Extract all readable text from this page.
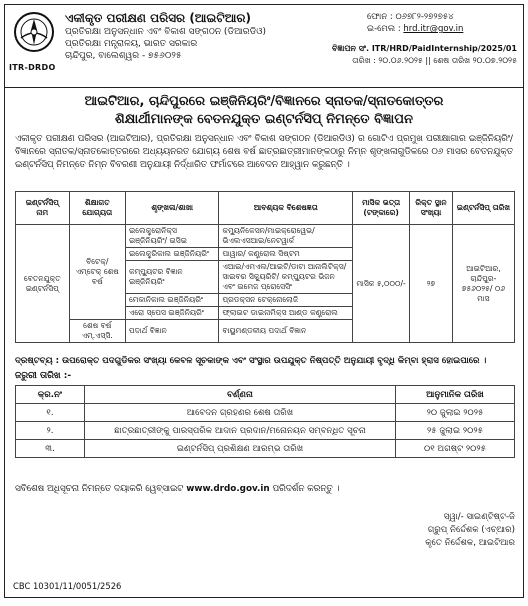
ITR-DRDO
ଏକୀକୃତ ପରୀକ୍ଷଣ ପରିସର (ଆଇଟିଆର)
ପ୍ରତିରକ୍ଷା ଅନୁସନ୍ଧାନ ଏବଂ ବିକାଶ ସଙ୍ଗଠନ (ଡିଆରଡିଓ)
ପ୍ରତିରକ୍ଷା ମନ୍ତ୍ରାଳୟ, ଭାରତ ସରକାର
ଚାନ୍ଦିପୁର, ବାଲେଶ୍ୱର - ୭୫୬୦୨୫
ଫୋନ : ୦୬୭୮୨-୨୭୨୭୫୪
ଇ-ମେଲ : hrd.itr@gov.in
ବିଜ୍ଞାପନ ସଂ. ITR/HRD/PaidInternship/2025/01
ତାରିଖ : ୨୦.୦୬.୨୦୨୫ || ଶେଷ ତାରିଖ ୨୦.୦୭.୨୦୨୫
ଆଇଟିଆର, ଚାନ୍ଦିପୁରରେ ଇଞ୍ଜିନିୟରିଂ/ବିଜ୍ଞାନରେ ସ୍ନାତକ/ସ୍ନାତକୋତ୍ତର
ଶିକ୍ଷାର୍ଥୀମାନଙ୍କ ବେତନଯୁକ୍ତ ଇଣ୍ଟର୍ନସିପ୍ ନିମନ୍ତେ ବିଜ୍ଞାପନ
ଏକୀକୃତ ପରୀକ୍ଷଣ ପରିସର (ଆଇଟିଆର), ପ୍ରତିରକ୍ଷା ଅନୁସନ୍ଧାନ ଏବଂ ବିକାଶ ସଙ୍ଗଠନ (ଡିଆରଡିଓ) ର ଗୋଟିଏ ପ୍ରମୁଖ ପରୀକ୍ଷାଗାର ଇଞ୍ଜିନିୟରିଂ/ବିଜ୍ଞାନରେ ସ୍ନାତକ/ସ୍ନାତକୋତ୍ତରରେ ଅଧ୍ୟୟନରତ ଯୋଗ୍ୟ ଶେଷ ବର୍ଷ ଛାତ୍ରଛାତ୍ରୀମାନଙ୍କଠାରୁ ନିମ୍ନ ଶୃଙ୍ଖଳାଗୁଡିକରେ ୦୬ ମାସର ବେତନଯୁକ୍ତ ଇଣ୍ଟର୍ନସିପ୍ ନିମନ୍ତେ ନିମ୍ନ ବିବରଣୀ ଅନୁଯାୟୀ ନିର୍ଦ୍ଧାରିତ ଫର୍ମାଟରେ ଆବେଦନ ଆହ୍ୱାନ କରୁଛନ୍ତି ।
ଇଣ୍ଟର୍ନସିପ୍ ନାମ	ଶିକ୍ଷାଗତ ଯୋଗ୍ୟତା	ଶୃଙ୍ଖଳା/ଶାଖା	ଆବଶ୍ୟକ ବିଶେଷଜ୍ଞତା	ମାସିକ ଭତ୍ତା (ଟଙ୍କାରେ)	ରିକ୍ତ ସ୍ଥାନ ସଂଖ୍ୟା	ଇଣ୍ଟର୍ନସିପ୍ ତାରିଖ
ବେତନଯୁକ୍ତ ଇଣ୍ଟର୍ନସିପ୍	ବିଟେକ୍/ ଏମ୍‌ଟେକ୍ ଶେଷ ବର୍ଷ	ଇଲେକ୍ଟ୍ରୋନିକ୍ସ ଇଞ୍ଜିନିୟରିଂ/ ଇସିଇ	କମ୍ୟୁନିକେସନ/ମାଇକ୍ରୋୱେଭ/ ଭିଏଲଏସଆଇ/ନେଟୱାର୍କ	ମାସିକ ୫,୦୦୦/-	୨୭	ଆଇଟିଆର, ଚାନ୍ଦିପୁର- ୭୫୬୦୨୫/ ୦୬ ମାସ
		ଇଲେକ୍ଟ୍ରିକାଲ ଇଞ୍ଜିନିୟରିଂ	ପାୱାର/ କଣ୍ଟ୍ରୋଲ ସିଷ୍ଟମ			
		କମ୍ପ୍ୟୁଟର ବିଜ୍ଞାନ ଇଞ୍ଜିନିୟରିଂ	ଏଆଇ/ଏମଏଲ/ଆଇଟି/ଡାଟା ଆନାଲିଟିକ୍ସ/ ସାଇବର ସିକ୍ୟୁରିଟି/ କମ୍ପ୍ୟୁଟର ଭିଜନ ଏବଂ ଇମେଜ ପ୍ରୋସେସିଂ			
		ମେକାନିକାଲ ଇଞ୍ଜିନିୟରିଂ	ପ୍ରଡକ୍ସନ ଟେକ୍ନୋଲୋଜି			
		ଏରୋ ସ୍ପେସ ଇଞ୍ଜିନିୟରିଂ	ଫ୍ଲାଇଟ ଡାଇନାମିକ୍ସ ଆଣ୍ଡ କଣ୍ଟ୍ରୋଲ			
	ଶେଷ ବର୍ଷ ଏମ୍.ଏସ୍‌ସି.	ପଦାର୍ଥ ବିଜ୍ଞାନ	ବାୟୁମଣ୍ଡଳୀୟ ପଦାର୍ଥ ବିଜ୍ଞାନ			
ଦ୍ରଷ୍ଟବ୍ୟ : ଉପରୋକ୍ତ ପଦଗୁଡିକର ସଂଖ୍ୟା କେବଳ ସୂଚକାଙ୍କ ଏବଂ ସଂସ୍ଥାର ଉପଯୁକ୍ତ ନିଷ୍ପତ୍ତି ଅନୁଯାୟୀ ବୃଦ୍ଧି କିମ୍ବା ହ୍ରାସ ହୋଇପାରେ ।
ଜରୁରୀ ତାରିଖ :-
କ୍ର.ନଂ	ବର୍ଣ୍ଣନା	ଆନୁମାନିକ ତାରିଖ
୧.	ଆବେଦନ ଗ୍ରହଣର ଶେଷ ତାରିଖ	୨୦ ଜୁଲାଇ ୨୦୨୫
୨.	ଛାତ୍ରଛାତ୍ରୀଙ୍କୁ ପାରସ୍ପରିକ ଆଦାନ ପ୍ରଦାନ/ମନୋନୟନ ସମ୍ବନ୍ଧିତ ସୂଚନା	୨୫ ଜୁଲାଇ ୨୦୨୫
୩.	ଇଣ୍ଟର୍ନସିପ୍ ପ୍ରଶିକ୍ଷଣ ଆରମ୍ଭ ତାରିଖ	୦୧ ଅଗଷ୍ଟ ୨୦୨୫
ସବିଶେଷ ଅଧିସୂଚନା ନିମନ୍ତେ ଦୟାକରି ୱେବ୍‌ସାଇଟ www.drdo.gov.in ପରିଦର୍ଶନ କରନ୍ତୁ ।
ସ୍ୱା/- ସାଇଣ୍ଟିଷ୍ଟ-ଜି
ଗ୍ରୁପ୍ ନିର୍ଦ୍ଦେଶକ (ଏଚ୍ଆର)
କୃତେ ନିର୍ଦ୍ଦେଶକ, ଆଇଟିଆର
CBC 10301/11/0051/2526
